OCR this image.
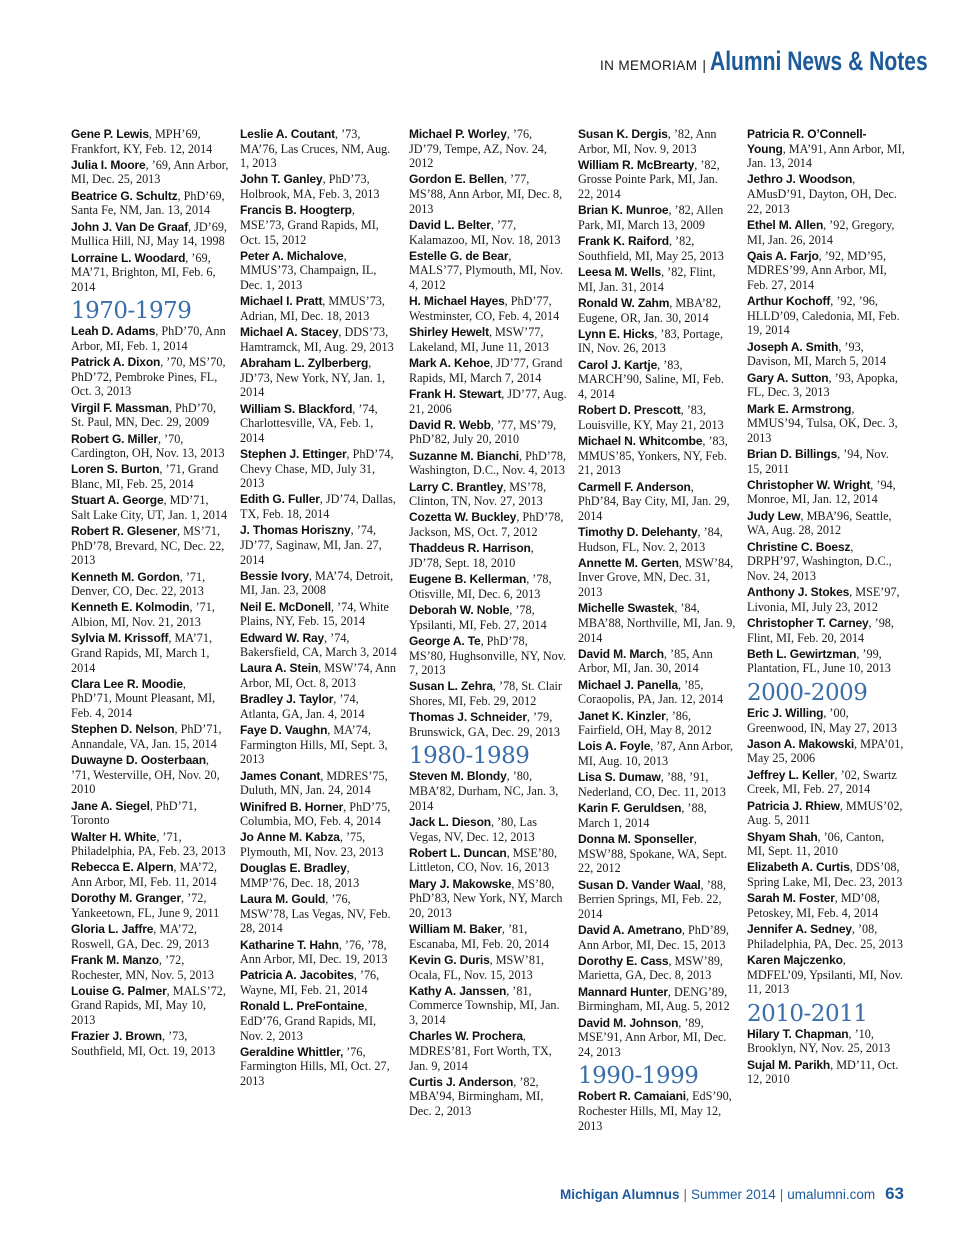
IN MEMORIAM | Alumni News & Notes
Gene P. Lewis, MPH’69, Frankfort, KY, Feb. 12, 2014
Julia I. Moore, ’69, Ann Arbor, MI, Dec. 25, 2013
Beatrice G. Schultz, PhD’69, Santa Fe, NM, Jan. 13, 2014
John J. Van De Graaf, JD’69, Mullica Hill, NJ, May 14, 1998
Lorraine L. Woodard, ’69, MA’71, Brighton, MI, Feb. 6, 2014
1970-1979
Leah D. Adams, PhD’70, Ann Arbor, MI, Feb. 1, 2014
Patrick A. Dixon, ’70, MS’70, PhD’72, Pembroke Pines, FL, Oct. 3, 2013
Virgil F. Massman, PhD’70, St. Paul, MN, Dec. 29, 2009
Robert G. Miller, ’70, Cardington, OH, Nov. 13, 2013
Loren S. Burton, ’71, Grand Blanc, MI, Feb. 25, 2014
Stuart A. George, MD’71, Salt Lake City, UT, Jan. 1, 2014
Robert R. Glesener, MS’71, PhD’78, Brevard, NC, Dec. 22, 2013
Kenneth M. Gordon, ’71, Denver, CO, Dec. 22, 2013
Kenneth E. Kolmodin, ’71, Albion, MI, Nov. 21, 2013
Sylvia M. Krissoff, MA’71, Grand Rapids, MI, March 1, 2014
Clara Lee R. Moodie, PhD’71, Mount Pleasant, MI, Feb. 4, 2014
Stephen D. Nelson, PhD’71, Annandale, VA, Jan. 15, 2014
Duwayne D. Oosterbaan, ’71, Westerville, OH, Nov. 20, 2010
Jane A. Siegel, PhD’71, Toronto
Walter H. White, ’71, Philadelphia, PA, Feb. 23, 2013
Rebecca E. Alpern, MA’72, Ann Arbor, MI, Feb. 11, 2014
Dorothy M. Granger, ’72, Yankeetown, FL, June 9, 2011
Gloria L. Jaffre, MA’72, Roswell, GA, Dec. 29, 2013
Frank M. Manzo, ’72, Rochester, MN, Nov. 5, 2013
Louise G. Palmer, MALS’72, Grand Rapids, MI, May 10, 2013
Frazier J. Brown, ’73, Southfield, MI, Oct. 19, 2013
Leslie A. Coutant, ’73, MA’76, Las Cruces, NM, Aug. 1, 2013
John T. Ganley, PhD’73, Holbrook, MA, Feb. 3, 2013
Francis B. Hoogterp, MSE’73, Grand Rapids, MI, Oct. 15, 2012
Peter A. Michalove, MMUS’73, Champaign, IL, Dec. 1, 2013
Michael I. Pratt, MMUS’73, Adrian, MI, Dec. 18, 2013
Michael A. Stacey, DDS’73, Hamtramck, MI, Aug. 29, 2013
Abraham L. Zylberberg, JD’73, New York, NY, Jan. 1, 2014
William S. Blackford, ’74, Charlottesville, VA, Feb. 1, 2014
Stephen J. Ettinger, PhD’74, Chevy Chase, MD, July 31, 2013
Edith G. Fuller, JD’74, Dallas, TX, Feb. 18, 2014
J. Thomas Horiszny, ’74, JD’77, Saginaw, MI, Jan. 27, 2014
Bessie Ivory, MA’74, Detroit, MI, Jan. 23, 2008
Neil E. McDonell, ’74, White Plains, NY, Feb. 15, 2014
Edward W. Ray, ’74, Bakersfield, CA, March 3, 2014
Laura A. Stein, MSW’74, Ann Arbor, MI, Oct. 8, 2013
Bradley J. Taylor, ’74, Atlanta, GA, Jan. 4, 2014
Faye D. Vaughn, MA’74, Farmington Hills, MI, Sept. 3, 2013
James Conant, MDRES’75, Duluth, MN, Jan. 24, 2014
Winifred B. Horner, PhD’75, Columbia, MO, Feb. 4, 2014
Jo Anne M. Kabza, ’75, Plymouth, MI, Nov. 23, 2013
Douglas E. Bradley, MMP’76, Dec. 18, 2013
Laura M. Gould, ’76, MSW’78, Las Vegas, NV, Feb. 28, 2014
Katharine T. Hahn, ’76, ’78, Ann Arbor, MI, Dec. 19, 2013
Patricia A. Jacobites, ’76, Wayne, MI, Feb. 21, 2014
Ronald L. PreFontaine, EdD’76, Grand Rapids, MI, Nov. 2, 2013
Geraldine Whittler, ’76, Farmington Hills, MI, Oct. 27, 2013
Michael P. Worley, ’76, JD’79, Tempe, AZ, Nov. 24, 2012
Gordon E. Bellen, ’77, MS’88, Ann Arbor, MI, Dec. 8, 2013
David L. Belter, ’77, Kalamazoo, MI, Nov. 18, 2013
Estelle G. de Bear, MALS’77, Plymouth, MI, Nov. 4, 2012
H. Michael Hayes, PhD’77, Westminster, CO, Feb. 4, 2014
Shirley Hewelt, MSW’77, Lakeland, MI, June 11, 2013
Mark A. Kehoe, JD’77, Grand Rapids, MI, March 7, 2014
Frank H. Stewart, JD’77, Aug. 21, 2006
David R. Webb, ’77, MS’79, PhD’82, July 20, 2010
Suzanne M. Bianchi, PhD’78, Washington, D.C., Nov. 4, 2013
Larry C. Brantley, MS’78, Clinton, TN, Nov. 27, 2013
Cozetta W. Buckley, PhD’78, Jackson, MS, Oct. 7, 2012
Thaddeus R. Harrison, JD’78, Sept. 18, 2010
Eugene B. Kellerman, ’78, Otisville, MI, Dec. 6, 2013
Deborah W. Noble, ’78, Ypsilanti, MI, Feb. 27, 2014
George A. Te, PhD’78, MS’80, Hughsonville, NY, Nov. 7, 2013
Susan L. Zehra, ’78, St. Clair Shores, MI, Feb. 29, 2012
Thomas J. Schneider, ’79, Brunswick, GA, Dec. 29, 2013
1980-1989
Steven M. Blondy, ’80, MBA’82, Durham, NC, Jan. 3, 2014
Jack L. Dieson, ’80, Las Vegas, NV, Dec. 12, 2013
Robert L. Duncan, MSE’80, Littleton, CO, Nov. 16, 2013
Mary J. Makowske, MS’80, PhD’83, New York, NY, March 20, 2013
William M. Baker, ’81, Escanaba, MI, Feb. 20, 2014
Kevin G. Duris, MSW’81, Ocala, FL, Nov. 15, 2013
Kathy A. Janssen, ’81, Commerce Township, MI, Jan. 3, 2014
Charles W. Prochera, MDRES’81, Fort Worth, TX, Jan. 9, 2014
Curtis J. Anderson, ’82, MBA’94, Birmingham, MI, Dec. 2, 2013
Susan K. Dergis, ’82, Ann Arbor, MI, Nov. 9, 2013
William R. McBrearty, ’82, Grosse Pointe Park, MI, Jan. 22, 2014
Brian K. Munroe, ’82, Allen Park, MI, March 13, 2009
Frank K. Raiford, ’82, Southfield, MI, May 25, 2013
Leesa M. Wells, ’82, Flint, MI, Jan. 31, 2014
Ronald W. Zahm, MBA’82, Eugene, OR, Jan. 30, 2014
Lynn E. Hicks, ’83, Portage, IN, Nov. 26, 2013
Carol J. Kartje, ’83, MARCH’90, Saline, MI, Feb. 4, 2014
Robert D. Prescott, ’83, Louisville, KY, May 21, 2013
Michael N. Whitcombe, ’83, MMUS’85, Yonkers, NY, Feb. 21, 2013
Carmell F. Anderson, PhD’84, Bay City, MI, Jan. 29, 2014
Timothy D. Delehanty, ’84, Hudson, FL, Nov. 2, 2013
Annette M. Gerten, MSW’84, Inver Grove, MN, Dec. 31, 2013
Michelle Swastek, ’84, MBA’88, Northville, MI, Jan. 9, 2014
David M. March, ’85, Ann Arbor, MI, Jan. 30, 2014
Michael J. Panella, ’85, Coraopolis, PA, Jan. 12, 2014
Janet K. Kinzler, ’86, Fairfield, OH, May 8, 2012
Lois A. Foyle, ’87, Ann Arbor, MI, Aug. 10, 2013
Lisa S. Dumaw, ’88, ’91, Nederland, CO, Dec. 11, 2013
Karin F. Geruldsen, ’88, March 1, 2014
Donna M. Sponseller, MSW’88, Spokane, WA, Sept. 22, 2012
Susan D. Vander Waal, ’88, Berrien Springs, MI, Feb. 22, 2014
David A. Ametrano, PhD’89, Ann Arbor, MI, Dec. 15, 2013
Dorothy E. Cass, MSW’89, Marietta, GA, Dec. 8, 2013
Mannard Hunter, DENG’89, Birmingham, MI, Aug. 5, 2012
David M. Johnson, ’89, MSE’91, Ann Arbor, MI, Dec. 24, 2013
1990-1999
Robert R. Camaiani, EdS’90, Rochester Hills, MI, May 12, 2013
Patricia R. O’Connell-Young, MA’91, Ann Arbor, MI, Jan. 13, 2014
Jethro J. Woodson, AMusD’91, Dayton, OH, Dec. 22, 2013
Ethel M. Allen, ’92, Gregory, MI, Jan. 26, 2014
Qais A. Farjo, ’92, MD’95, MDRES’99, Ann Arbor, MI, Feb. 27, 2014
Arthur Kochoff, ’92, ’96, HLLD’09, Caledonia, MI, Feb. 19, 2014
Joseph A. Smith, ’93, Davison, MI, March 5, 2014
Gary A. Sutton, ’93, Apopka, FL, Dec. 3, 2013
Mark E. Armstrong, MMUS’94, Tulsa, OK, Dec. 3, 2013
Brian D. Billings, ’94, Nov. 15, 2011
Christopher W. Wright, ’94, Monroe, MI, Jan. 12, 2014
Judy Lew, MBA’96, Seattle, WA, Aug. 28, 2012
Christine C. Boesz, DRPH’97, Washington, D.C., Nov. 24, 2013
Anthony J. Stokes, MSE’97, Livonia, MI, July 23, 2012
Christopher T. Carney, ’98, Flint, MI, Feb. 20, 2014
Beth L. Gewirtzman, ’99, Plantation, FL, June 10, 2013
2000-2009
Eric J. Willing, ’00, Greenwood, IN, May 27, 2013
Jason A. Makowski, MPA’01, May 25, 2006
Jeffrey L. Keller, ’02, Swartz Creek, MI, Feb. 27, 2014
Patricia J. Rhiew, MMUS’02, Aug. 5, 2011
Shyam Shah, ’06, Canton, MI, Sept. 11, 2010
Elizabeth A. Curtis, DDS’08, Spring Lake, MI, Dec. 23, 2013
Sarah M. Foster, MD’08, Petoskey, MI, Feb. 4, 2014
Jennifer A. Sedney, ’08, Philadelphia, PA, Dec. 25, 2013
Karen Majczenko, MDFEL’09, Ypsilanti, MI, Nov. 11, 2013
2010-2011
Hilary T. Chapman, ’10, Brooklyn, NY, Nov. 25, 2013
Sujal M. Parikh, MD’11, Oct. 12, 2010
Michigan Alumnus | Summer 2014 | umalumni.com 63
